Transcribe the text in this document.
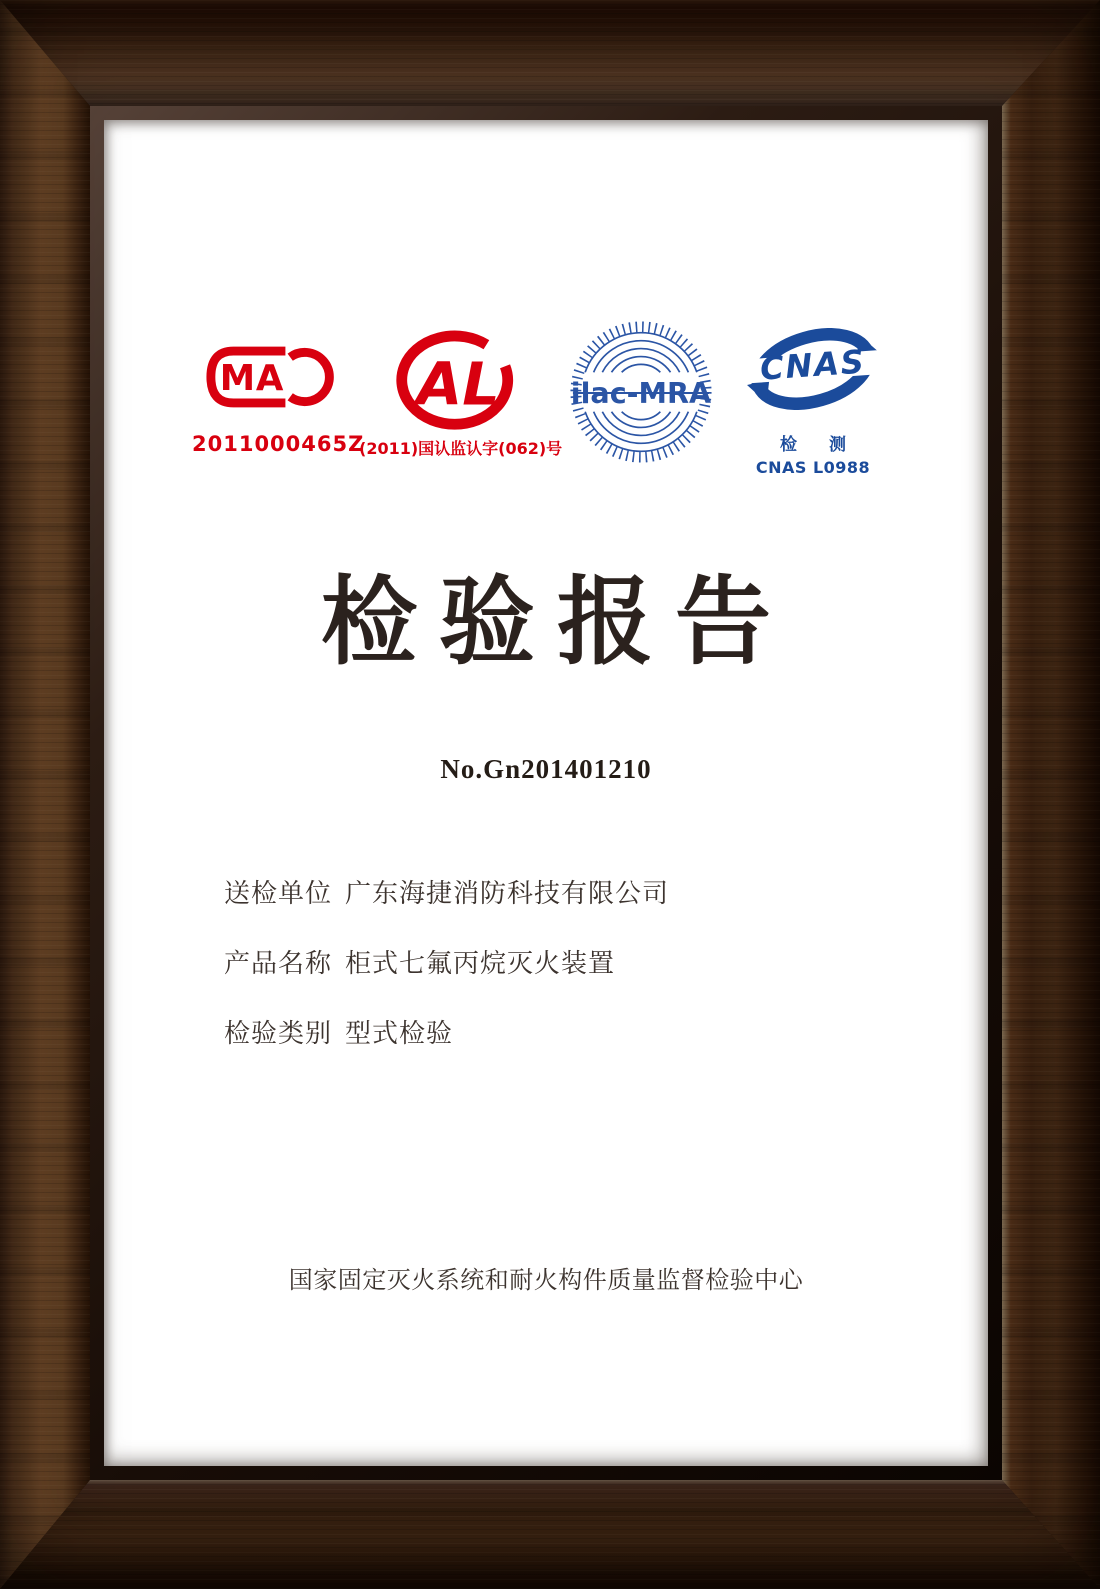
MA
2011000465Z
AL
(2011)国认监认字(062)号
ilac-MRA
CNAS
检 测
CNAS L0988
检验报告
No.Gn201401210
送检单位 广东海捷消防科技有限公司
产品名称 柜式七氟丙烷灭火装置
检验类别 型式检验
国家固定灭火系统和耐火构件质量监督检验中心
